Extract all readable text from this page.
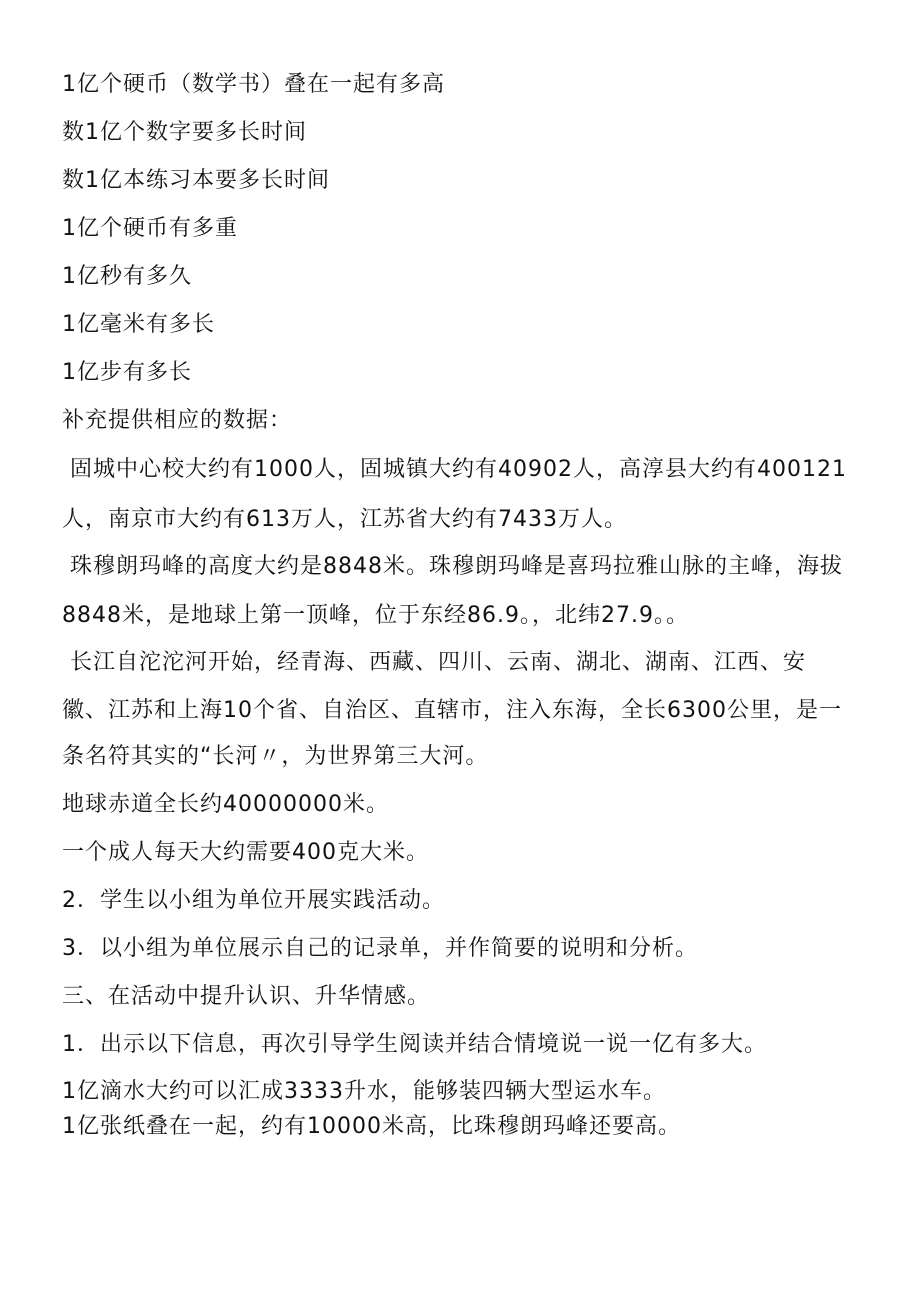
1亿个硬币（数学书）叠在一起有多高
数1亿个数字要多长时间
数1亿本练习本要多长时间
1亿个硬币有多重
1亿秒有多久
1亿毫米有多长
1亿步有多长
补充提供相应的数据：
固城中心校大约有1000人，固城镇大约有40902人，高淳县大约有400121
人，南京市大约有613万人，江苏省大约有7433万人。
珠穆朗玛峰的高度大约是8848米。珠穆朗玛峰是喜玛拉雅山脉的主峰，海拔
8848米，是地球上第一顶峰，位于东经86.9。，北纬27.9。。
长江自沱沱河开始，经青海、西藏、四川、云南、湖北、湖南、江西、安
徽、江苏和上海10个省、自治区、直辖市，注入东海，全长6300公里，是一
条名符其实的“长河〃，为世界第三大河。
地球赤道全长约40000000米。
一个成人每天大约需要400克大米。
2．学生以小组为单位开展实践活动。
3．以小组为单位展示自己的记录单，并作简要的说明和分析。
三、在活动中提升认识、升华情感。
1．出示以下信息，再次引导学生阅读并结合情境说一说一亿有多大。
1亿滴水大约可以汇成3333升水，能够装四辆大型运水车。
1亿张纸叠在一起，约有10000米高，比珠穆朗玛峰还要高。
